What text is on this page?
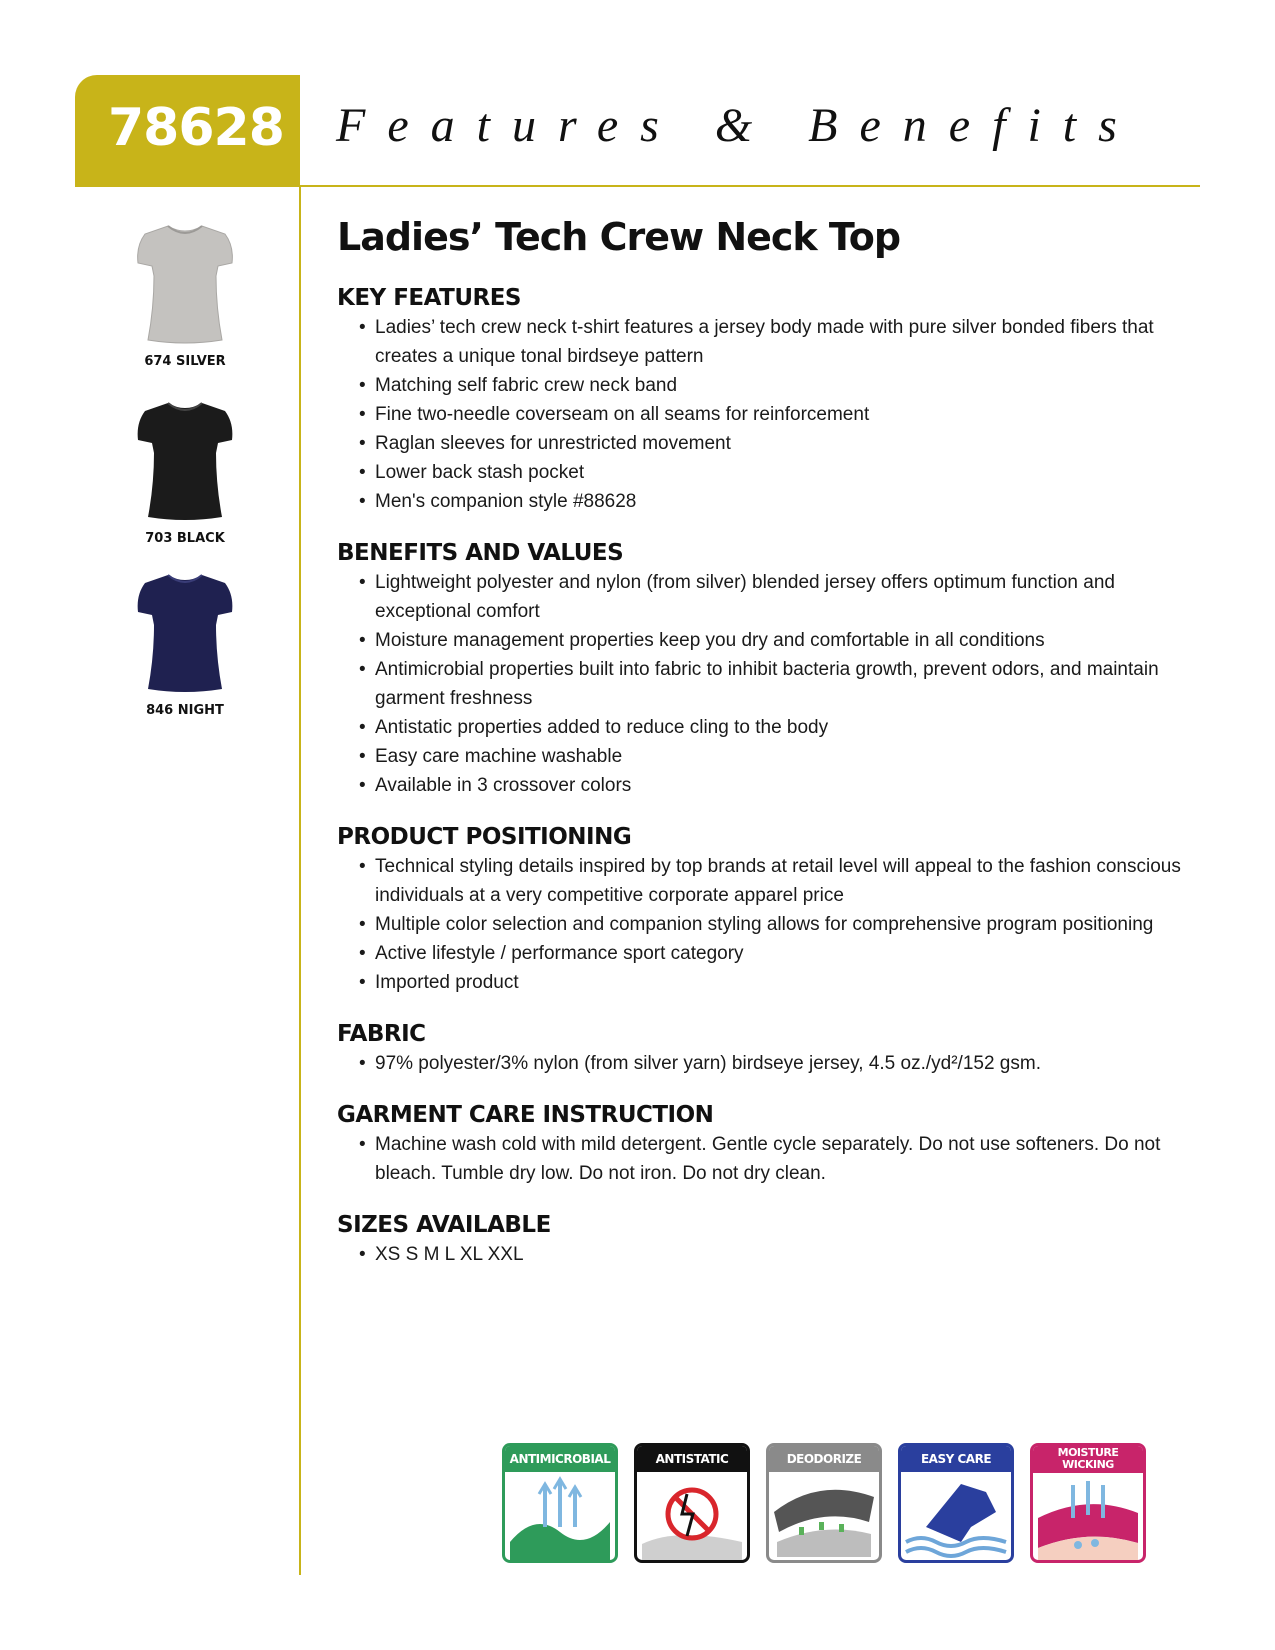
78628 Features & Benefits
674 SILVER
703 BLACK
846 NIGHT
Ladies’ Tech Crew Neck Top
KEY FEATURES
• Ladies’ tech crew neck t-shirt features a jersey body made with pure silver bonded fibers that creates a unique tonal birdseye pattern
• Matching self fabric crew neck band
• Fine two-needle coverseam on all seams for reinforcement
• Raglan sleeves for unrestricted movement
• Lower back stash pocket
• Men's companion style #88628
BENEFITS AND VALUES
• Lightweight polyester and nylon (from silver) blended jersey offers optimum function and exceptional comfort
• Moisture management properties keep you dry and comfortable in all conditions
• Antimicrobial properties built into fabric to inhibit bacteria growth, prevent odors, and maintain garment freshness
• Antistatic properties added to reduce cling to the body
• Easy care machine washable
• Available in 3 crossover colors
PRODUCT POSITIONING
• Technical styling details inspired by top brands at retail level will appeal to the fashion conscious individuals at a very competitive corporate apparel price
• Multiple color selection and companion styling allows for comprehensive program positioning
• Active lifestyle / performance sport category
• Imported product
FABRIC
• 97% polyester/3% nylon (from silver yarn) birdseye jersey, 4.5 oz./yd²/152 gsm.
GARMENT CARE INSTRUCTION
• Machine wash cold with mild detergent. Gentle cycle separately. Do not use softeners. Do not bleach. Tumble dry low. Do not iron. Do not dry clean.
SIZES AVAILABLE
• XS S M L XL XXL
ANTIMICROBIAL	ANTISTATIC	DEODORIZE	EASY CARE	MOISTURE WICKING
